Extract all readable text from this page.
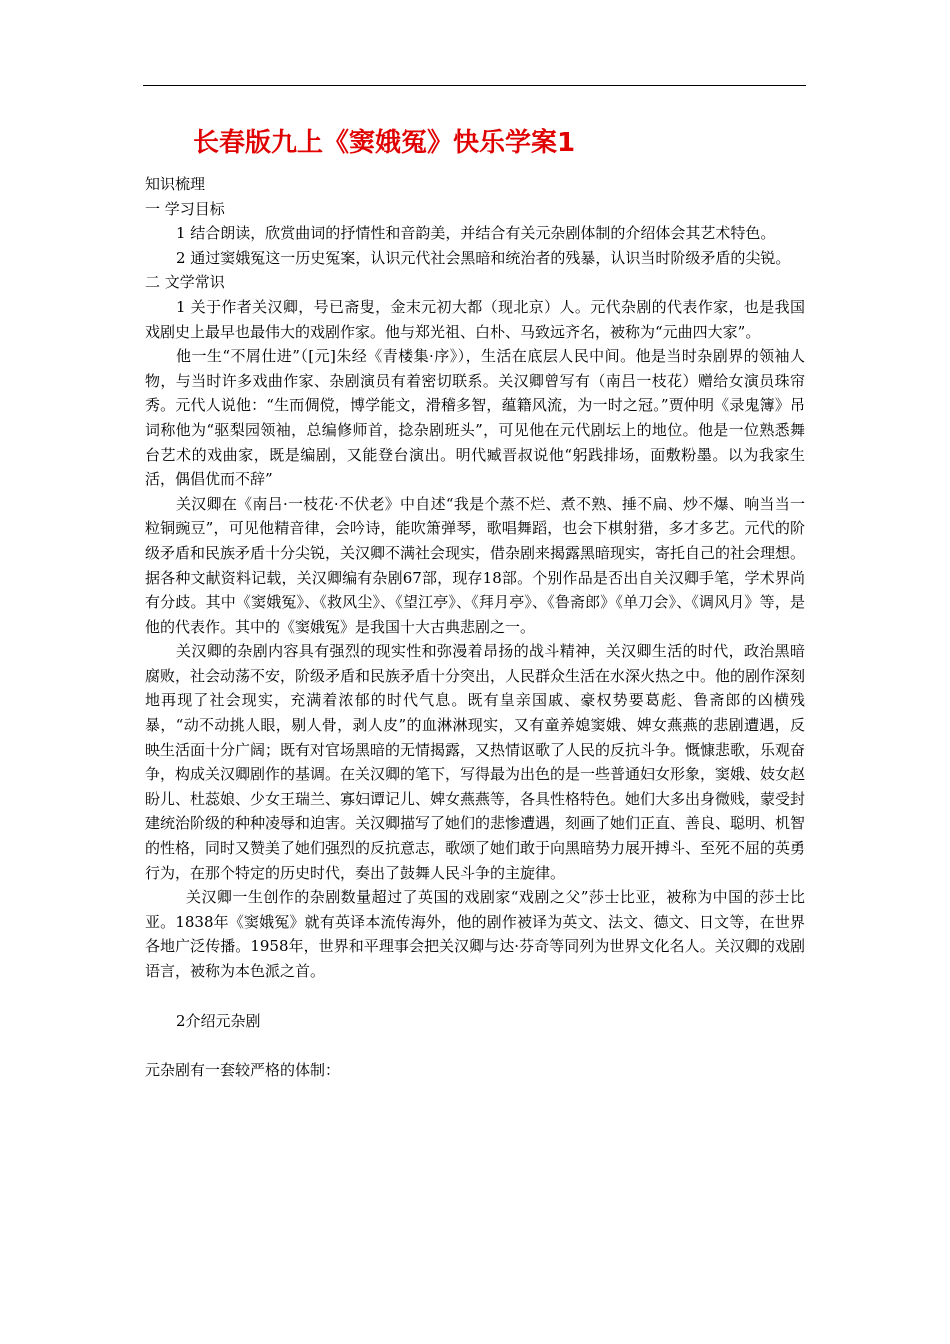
长春版九上《窦娥冤》快乐学案1

知识梳理

一 学习目标

1 结合朗读，欣赏曲词的抒情性和音韵美，并结合有关元杂剧体制的介绍体会其艺术特色。

2 通过窦娥冤这一历史冤案，认识元代社会黑暗和统治者的残暴，认识当时阶级矛盾的尖锐。

二 文学常识

1 关于作者关汉卿，号已斋叟，金末元初大都（现北京）人。元代杂剧的代表作家，也是我国戏剧史上最早也最伟大的戏剧作家。他与郑光祖、白朴、马致远齐名，被称为“元曲四大家”。

他一生“不屑仕进”（[元]朱经《青楼集·序》），生活在底层人民中间。他是当时杂剧界的领袖人物，与当时许多戏曲作家、杂剧演员有着密切联系。关汉卿曾写有（南吕一枝花）赠给女演员珠帘秀。元代人说他：“生而倜傥，博学能文，滑稽多智，蕴籍风流，为一时之冠。”贾仲明《录鬼簿》吊词称他为“驱梨园领袖，总编修师首，捻杂剧班头”，可见他在元代剧坛上的地位。他是一位熟悉舞台艺术的戏曲家，既是编剧，又能登台演出。明代臧晋叔说他“躬践排场，面敷粉墨。以为我家生活，偶倡优而不辞”

关汉卿在《南吕·一枝花·不伏老》中自述“我是个蒸不烂、煮不熟、捶不扁、炒不爆、响当当一粒铜豌豆”，可见他精音律，会吟诗，能吹箫弹琴，歌唱舞蹈，也会下棋射猎，多才多艺。元代的阶级矛盾和民族矛盾十分尖锐，关汉卿不满社会现实，借杂剧来揭露黑暗现实，寄托自己的社会理想。据各种文献资料记载，关汉卿编有杂剧67部，现存18部。个别作品是否出自关汉卿手笔，学术界尚有分歧。其中《窦娥冤》、《救风尘》、《望江亭》、《拜月亭》、《鲁斋郎》《单刀会》、《调风月》等，是他的代表作。其中的《窦娥冤》是我国十大古典悲剧之一。

关汉卿的杂剧内容具有强烈的现实性和弥漫着昂扬的战斗精神，关汉卿生活的时代，政治黑暗腐败，社会动荡不安，阶级矛盾和民族矛盾十分突出，人民群众生活在水深火热之中。他的剧作深刻地再现了社会现实，充满着浓郁的时代气息。既有皇亲国戚、豪权势要葛彪、鲁斋郎的凶横残暴，“动不动挑人眼，剔人骨，剥人皮”的血淋淋现实，又有童养媳窦娥、婢女燕燕的悲剧遭遇，反映生活面十分广阔；既有对官场黑暗的无情揭露，又热情讴歌了人民的反抗斗争。慨慷悲歌，乐观奋争，构成关汉卿剧作的基调。在关汉卿的笔下，写得最为出色的是一些普通妇女形象，窦娥、妓女赵盼儿、杜蕊娘、少女王瑞兰、寡妇谭记儿、婢女燕燕等，各具性格特色。她们大多出身微贱，蒙受封建统治阶级的种种凌辱和迫害。关汉卿描写了她们的悲惨遭遇，刻画了她们正直、善良、聪明、机智的性格，同时又赞美了她们强烈的反抗意志，歌颂了她们敢于向黑暗势力展开搏斗、至死不屈的英勇行为，在那个特定的历史时代，奏出了鼓舞人民斗争的主旋律。

关汉卿一生创作的杂剧数量超过了英国的戏剧家“戏剧之父”莎士比亚，被称为中国的莎士比亚。1838年《窦娥冤》就有英译本流传海外，他的剧作被译为英文、法文、德文、日文等，在世界各地广泛传播。1958年，世界和平理事会把关汉卿与达·芬奇等同列为世界文化名人。关汉卿的戏剧语言，被称为本色派之首。

2介绍元杂剧

元杂剧有一套较严格的体制：
